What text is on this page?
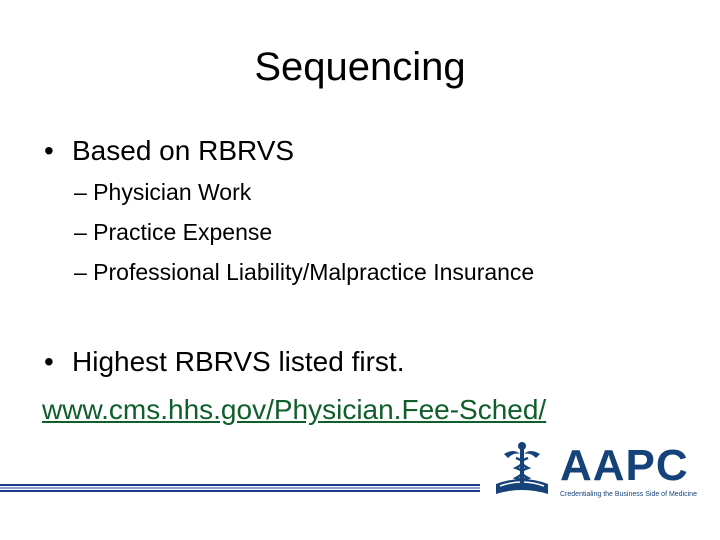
Sequencing
• Based on RBRVS
– Physician Work
– Practice Expense
– Professional Liability/Malpractice Insurance
• Highest RBRVS listed first.
www.cms.hhs.gov/Physician.Fee-Sched/
AAPC
Credentialing the Business Side of Medicine
